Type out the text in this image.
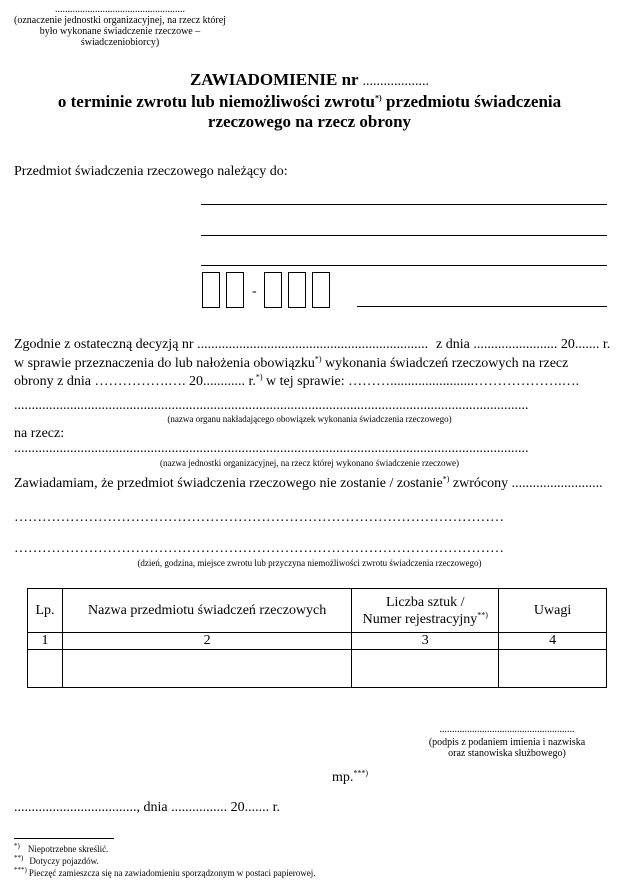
....................................................
(oznaczenie jednostki organizacyjnej, na rzecz której było wykonane świadczenie rzeczowe – świadczeniobiorcy)
ZAWIADOMIENIE nr ...................
o terminie zwrotu lub niemożliwości zwrotu*) przedmiotu świadczenia
rzeczowego na rzecz obrony
Przedmiot świadczenia rzeczowego należący do:
-
Zgodnie z ostateczną decyzją nr .................................................................. z dnia ........................ 20....... r.
w sprawie przeznaczenia do lub nałożenia obowiązku*) wykonania świadczeń rzeczowych na rzecz
obrony z dnia …………….…. 20............ r.*) w tej sprawie: ………........................……………….….
...................................................................................................................................................
(nazwa organu nakładającego obowiązek wykonania świadczenia rzeczowego)
na rzecz:
...................................................................................................................................................
(nazwa jednostki organizacyjnej, na rzecz której wykonano świadczenie rzeczowe)
Zawiadamiam, że przedmiot świadczenia rzeczowego nie zostanie / zostanie*) zwrócony ..........................
……………………………………………………………………………………………
……………………………………………………………………………………………
(dzień, godzina, miejsce zwrotu lub przyczyna niemożliwości zwrotu świadczenia rzeczowego)
Lp.	Nazwa przedmiotu świadczeń rzeczowych	Liczba sztuk /
Numer rejestracyjny**)	Uwagi
1	2	3	4

......................................................
(podpis z podaniem imienia i nazwiska
oraz stanowiska służbowego)
mp.***)
..................................., dnia ................ 20....... r.
*) Niepotrzebne skreślić.
**) Dotyczy pojazdów.
***) Pieczęć zamieszcza się na zawiadomieniu sporządzonym w postaci papierowej.
